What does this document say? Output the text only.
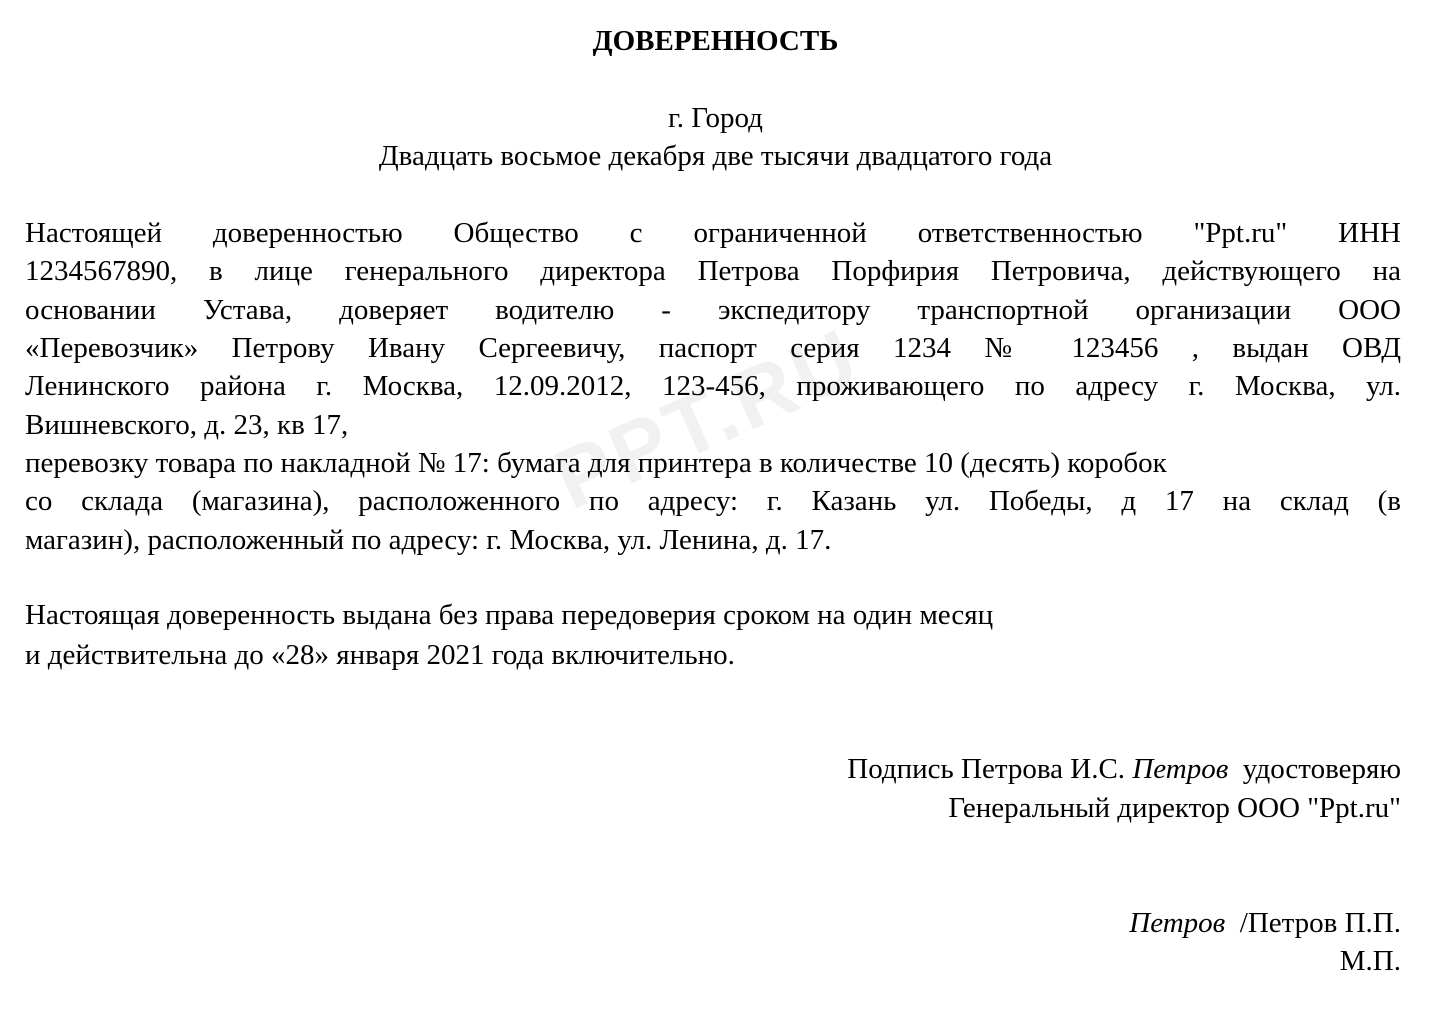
PPT.RU
ДОВЕРЕННОСТЬ
г. Город
Двадцать восьмое декабря две тысячи двадцатого года
Настоящей доверенностью Общество с ограниченной ответственностью "Ppt.ru" ИНН
1234567890, в лице генерального директора Петрова Порфирия Петровича, действующего на
основании Устава, доверяет водителю - экспедитору транспортной организации ООО
«Перевозчик» Петрову Ивану Сергеевичу, паспорт серия 1234 № 123456 , выдан ОВД
Ленинского района г. Москва, 12.09.2012, 123-456, проживающего по адресу г. Москва, ул.
Вишневского, д. 23, кв 17,
перевозку товара по накладной № 17: бумага для принтера в количестве 10 (десять) коробок
со склада (магазина), расположенного по адресу: г. Казань ул. Победы, д 17 на склад (в
магазин), расположенный по адресу: г. Москва, ул. Ленина, д. 17.
Настоящая доверенность выдана без права передоверия сроком на один месяц
и действительна до «28» января 2021 года включительно.

Подпись Петрова И.С. Петров  удостоверяю

Генеральный директор ООО "Ppt.ru"

Петров  /Петров П.П.

М.П.
